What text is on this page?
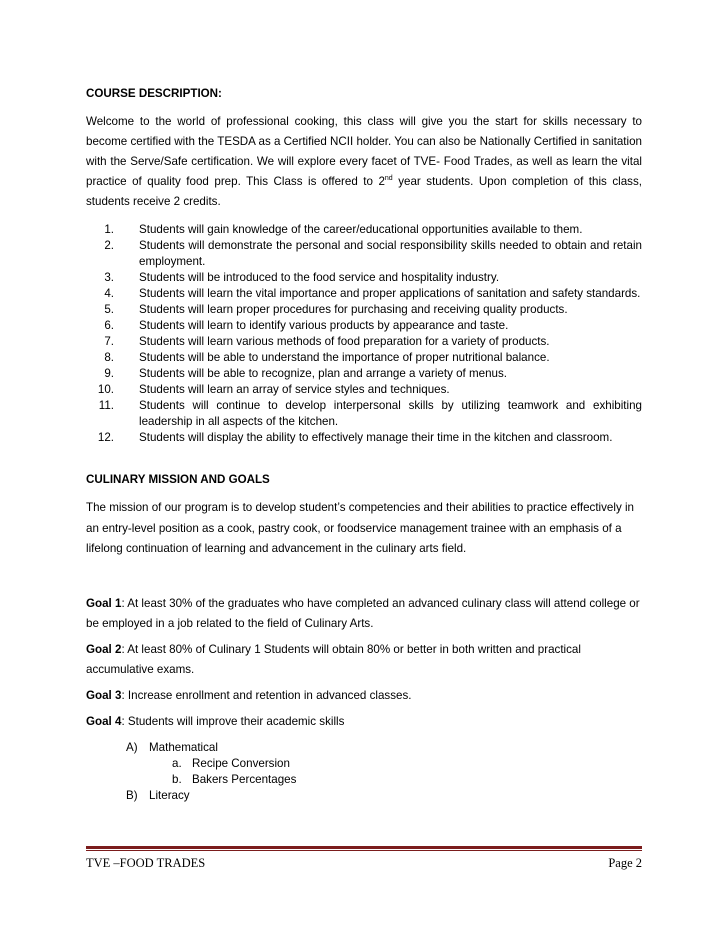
COURSE DESCRIPTION:

Welcome to the world of professional cooking, this class will give you the start for skills necessary to become certified with the TESDA as a Certified NCII holder. You can also be Nationally Certified in sanitation with the Serve/Safe certification. We will explore every facet of TVE- Food Trades, as well as learn the vital practice of quality food prep. This Class is offered to 2nd year students. Upon completion of this class, students receive 2 credits.

1. Students will gain knowledge of the career/educational opportunities available to them.
2. Students will demonstrate the personal and social responsibility skills needed to obtain and retain employment.
3. Students will be introduced to the food service and hospitality industry.
4. Students will learn the vital importance and proper applications of sanitation and safety standards.
5. Students will learn proper procedures for purchasing and receiving quality products.
6. Students will learn to identify various products by appearance and taste.
7. Students will learn various methods of food preparation for a variety of products.
8. Students will be able to understand the importance of proper nutritional balance.
9. Students will be able to recognize, plan and arrange a variety of menus.
10. Students will learn an array of service styles and techniques.
11. Students will continue to develop interpersonal skills by utilizing teamwork and exhibiting leadership in all aspects of the kitchen.
12. Students will display the ability to effectively manage their time in the kitchen and classroom.
CULINARY MISSION AND GOALS

The mission of our program is to develop student’s competencies and their abilities to practice effectively in an entry-level position as a cook, pastry cook, or foodservice management trainee with an emphasis of a lifelong continuation of learning and advancement in the culinary arts field.

Goal 1: At least 30% of the graduates who have completed an advanced culinary class will attend college or be employed in a job related to the field of Culinary Arts.

Goal 2: At least 80% of Culinary 1 Students will obtain 80% or better in both written and practical accumulative exams.

Goal 3: Increase enrollment and retention in advanced classes.

Goal 4: Students will improve their academic skills

A) Mathematical
a. Recipe Conversion
b. Bakers Percentages
B) Literacy
TVE –FOOD TRADES	Page 2
